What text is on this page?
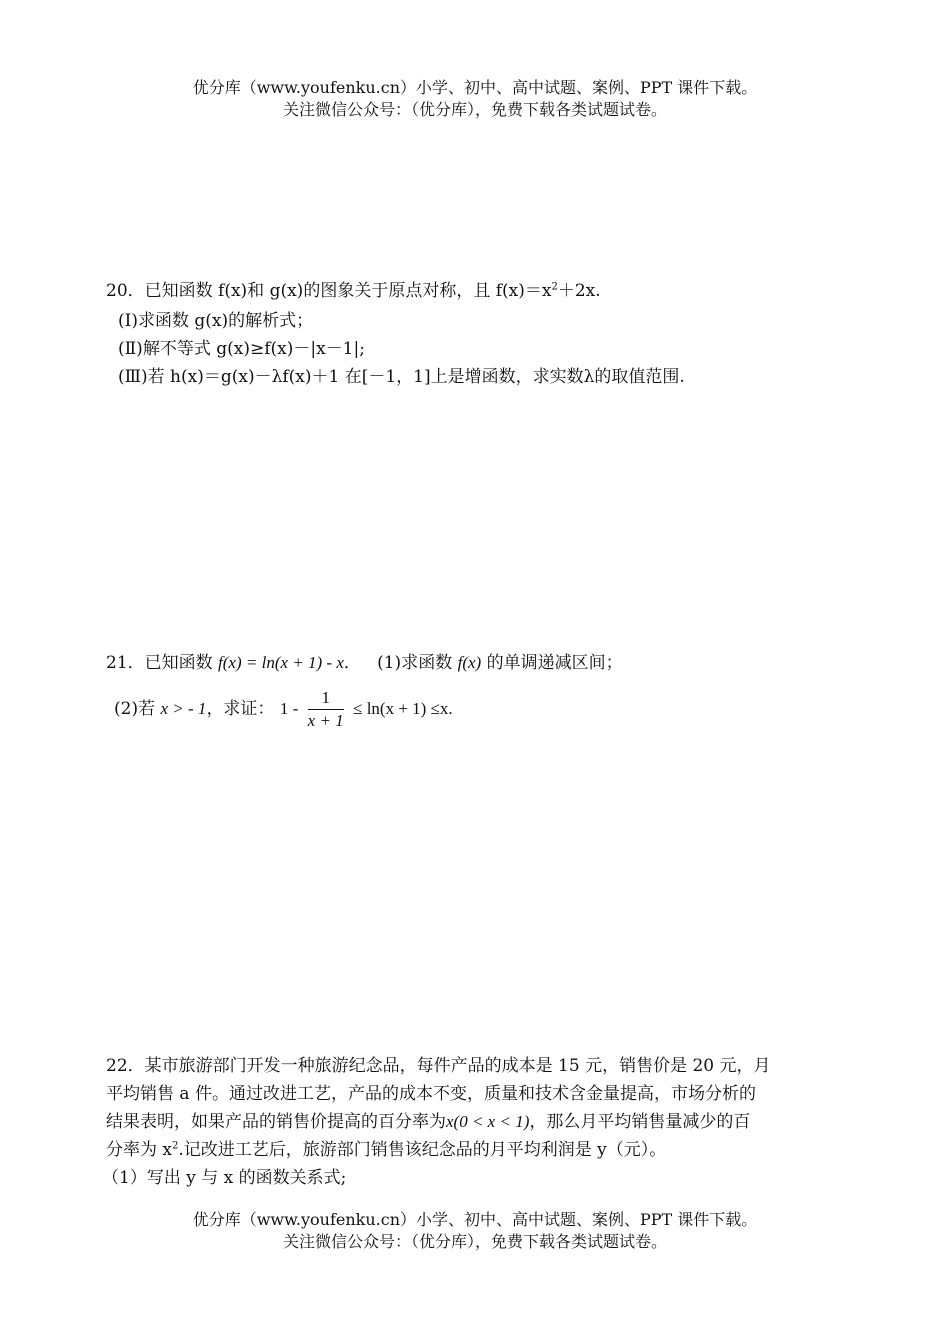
优分库（www.youfenku.cn）小学、初中、高中试题、案例、PPT 课件下载。
关注微信公众号：（优分库），免费下载各类试题试卷。
20．已知函数 f(x)和 g(x)的图象关于原点对称，且 $f(x)=x^2+2x$.
(Ⅰ)求函数 g(x)的解析式；
(Ⅱ)解不等式 g(x)≥f(x)－|x－1|;
(Ⅲ)若 h(x)＝g(x)－λf(x)＋1 在[－1，1]上是增函数，求实数λ的取值范围.
21．已知函数 f(x) = ln(x + 1) - x． (1)求函数 f(x) 的单调递减区间；
(2)若 x > - 1，求证： $1 - \frac{1}{x + 1} \le \ln(x + 1) \le x$.
22．某市旅游部门开发一种旅游纪念品，每件产品的成本是 15 元，销售价是 20 元，月
平均销售 a 件。通过改进工艺，产品的成本不变，质量和技术含金量提高，市场分析的
结果表明，如果产品的销售价提高的百分率为x(0 < x < 1)，那么月平均销售量减少的百
分率为 $x^2$.记改进工艺后，旅游部门销售该纪念品的月平均利润是 y（元）。
（1）写出 y 与 x 的函数关系式;
优分库（www.youfenku.cn）小学、初中、高中试题、案例、PPT 课件下载。
关注微信公众号：（优分库），免费下载各类试题试卷。
